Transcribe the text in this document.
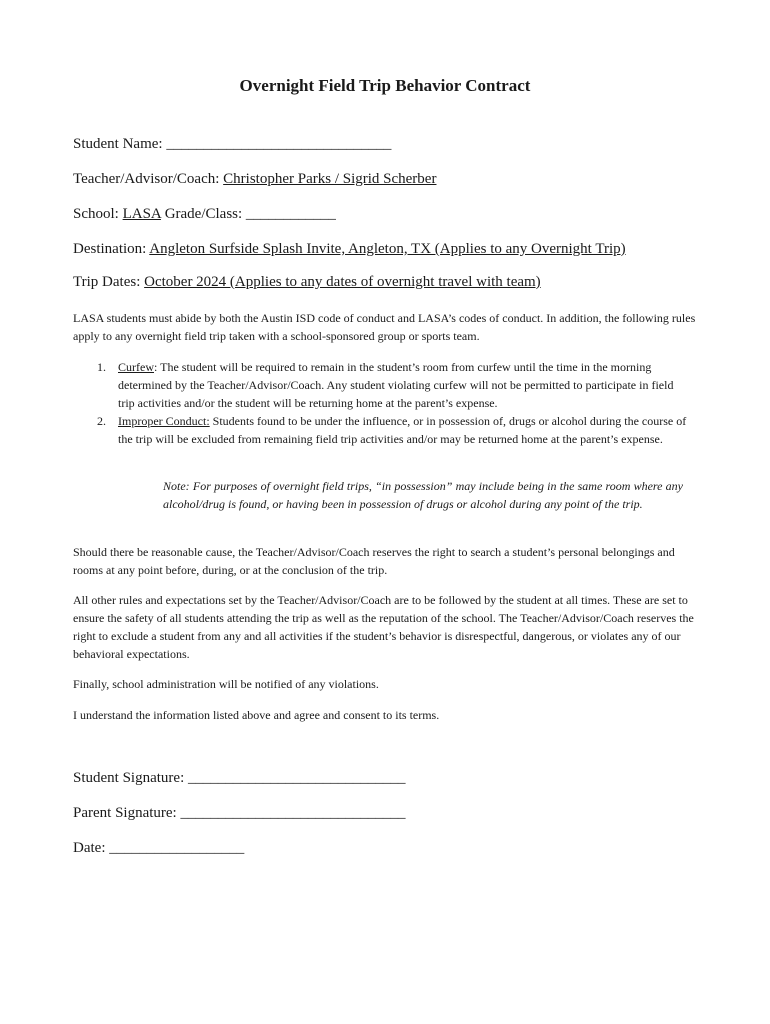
Overnight Field Trip Behavior Contract
Student Name: ______________________________
Teacher/Advisor/Coach: Christopher Parks / Sigrid Scherber
School: LASA Grade/Class: ____________
Destination: Angleton Surfside Splash Invite, Angleton, TX (Applies to any Overnight Trip)
Trip Dates: October 2024 (Applies to any dates of overnight travel with team)

LASA students must abide by both the Austin ISD code of conduct and LASA’s codes of conduct. In addition, the following rules apply to any overnight field trip taken with a school-sponsored group or sports team.

1. Curfew: The student will be required to remain in the student’s room from curfew until the time in the morning determined by the Teacher/Advisor/Coach. Any student violating curfew will not be permitted to participate in field trip activities and/or the student will be returning home at the parent’s expense.
2. Improper Conduct: Students found to be under the influence, or in possession of, drugs or alcohol during the course of the trip will be excluded from remaining field trip activities and/or may be returned home at the parent’s expense.

Note: For purposes of overnight field trips, “in possession” may include being in the same room where any alcohol/drug is found, or having been in possession of drugs or alcohol during any point of the trip.

Should there be reasonable cause, the Teacher/Advisor/Coach reserves the right to search a student’s personal belongings and rooms at any point before, during, or at the conclusion of the trip.

All other rules and expectations set by the Teacher/Advisor/Coach are to be followed by the student at all times. These are set to ensure the safety of all students attending the trip as well as the reputation of the school. The Teacher/Advisor/Coach reserves the right to exclude a student from any and all activities if the student’s behavior is disrespectful, dangerous, or violates any of our behavioral expectations.

Finally, school administration will be notified of any violations.

I understand the information listed above and agree and consent to its terms.

Student Signature: _____________________________
Parent Signature: ______________________________
Date: __________________
